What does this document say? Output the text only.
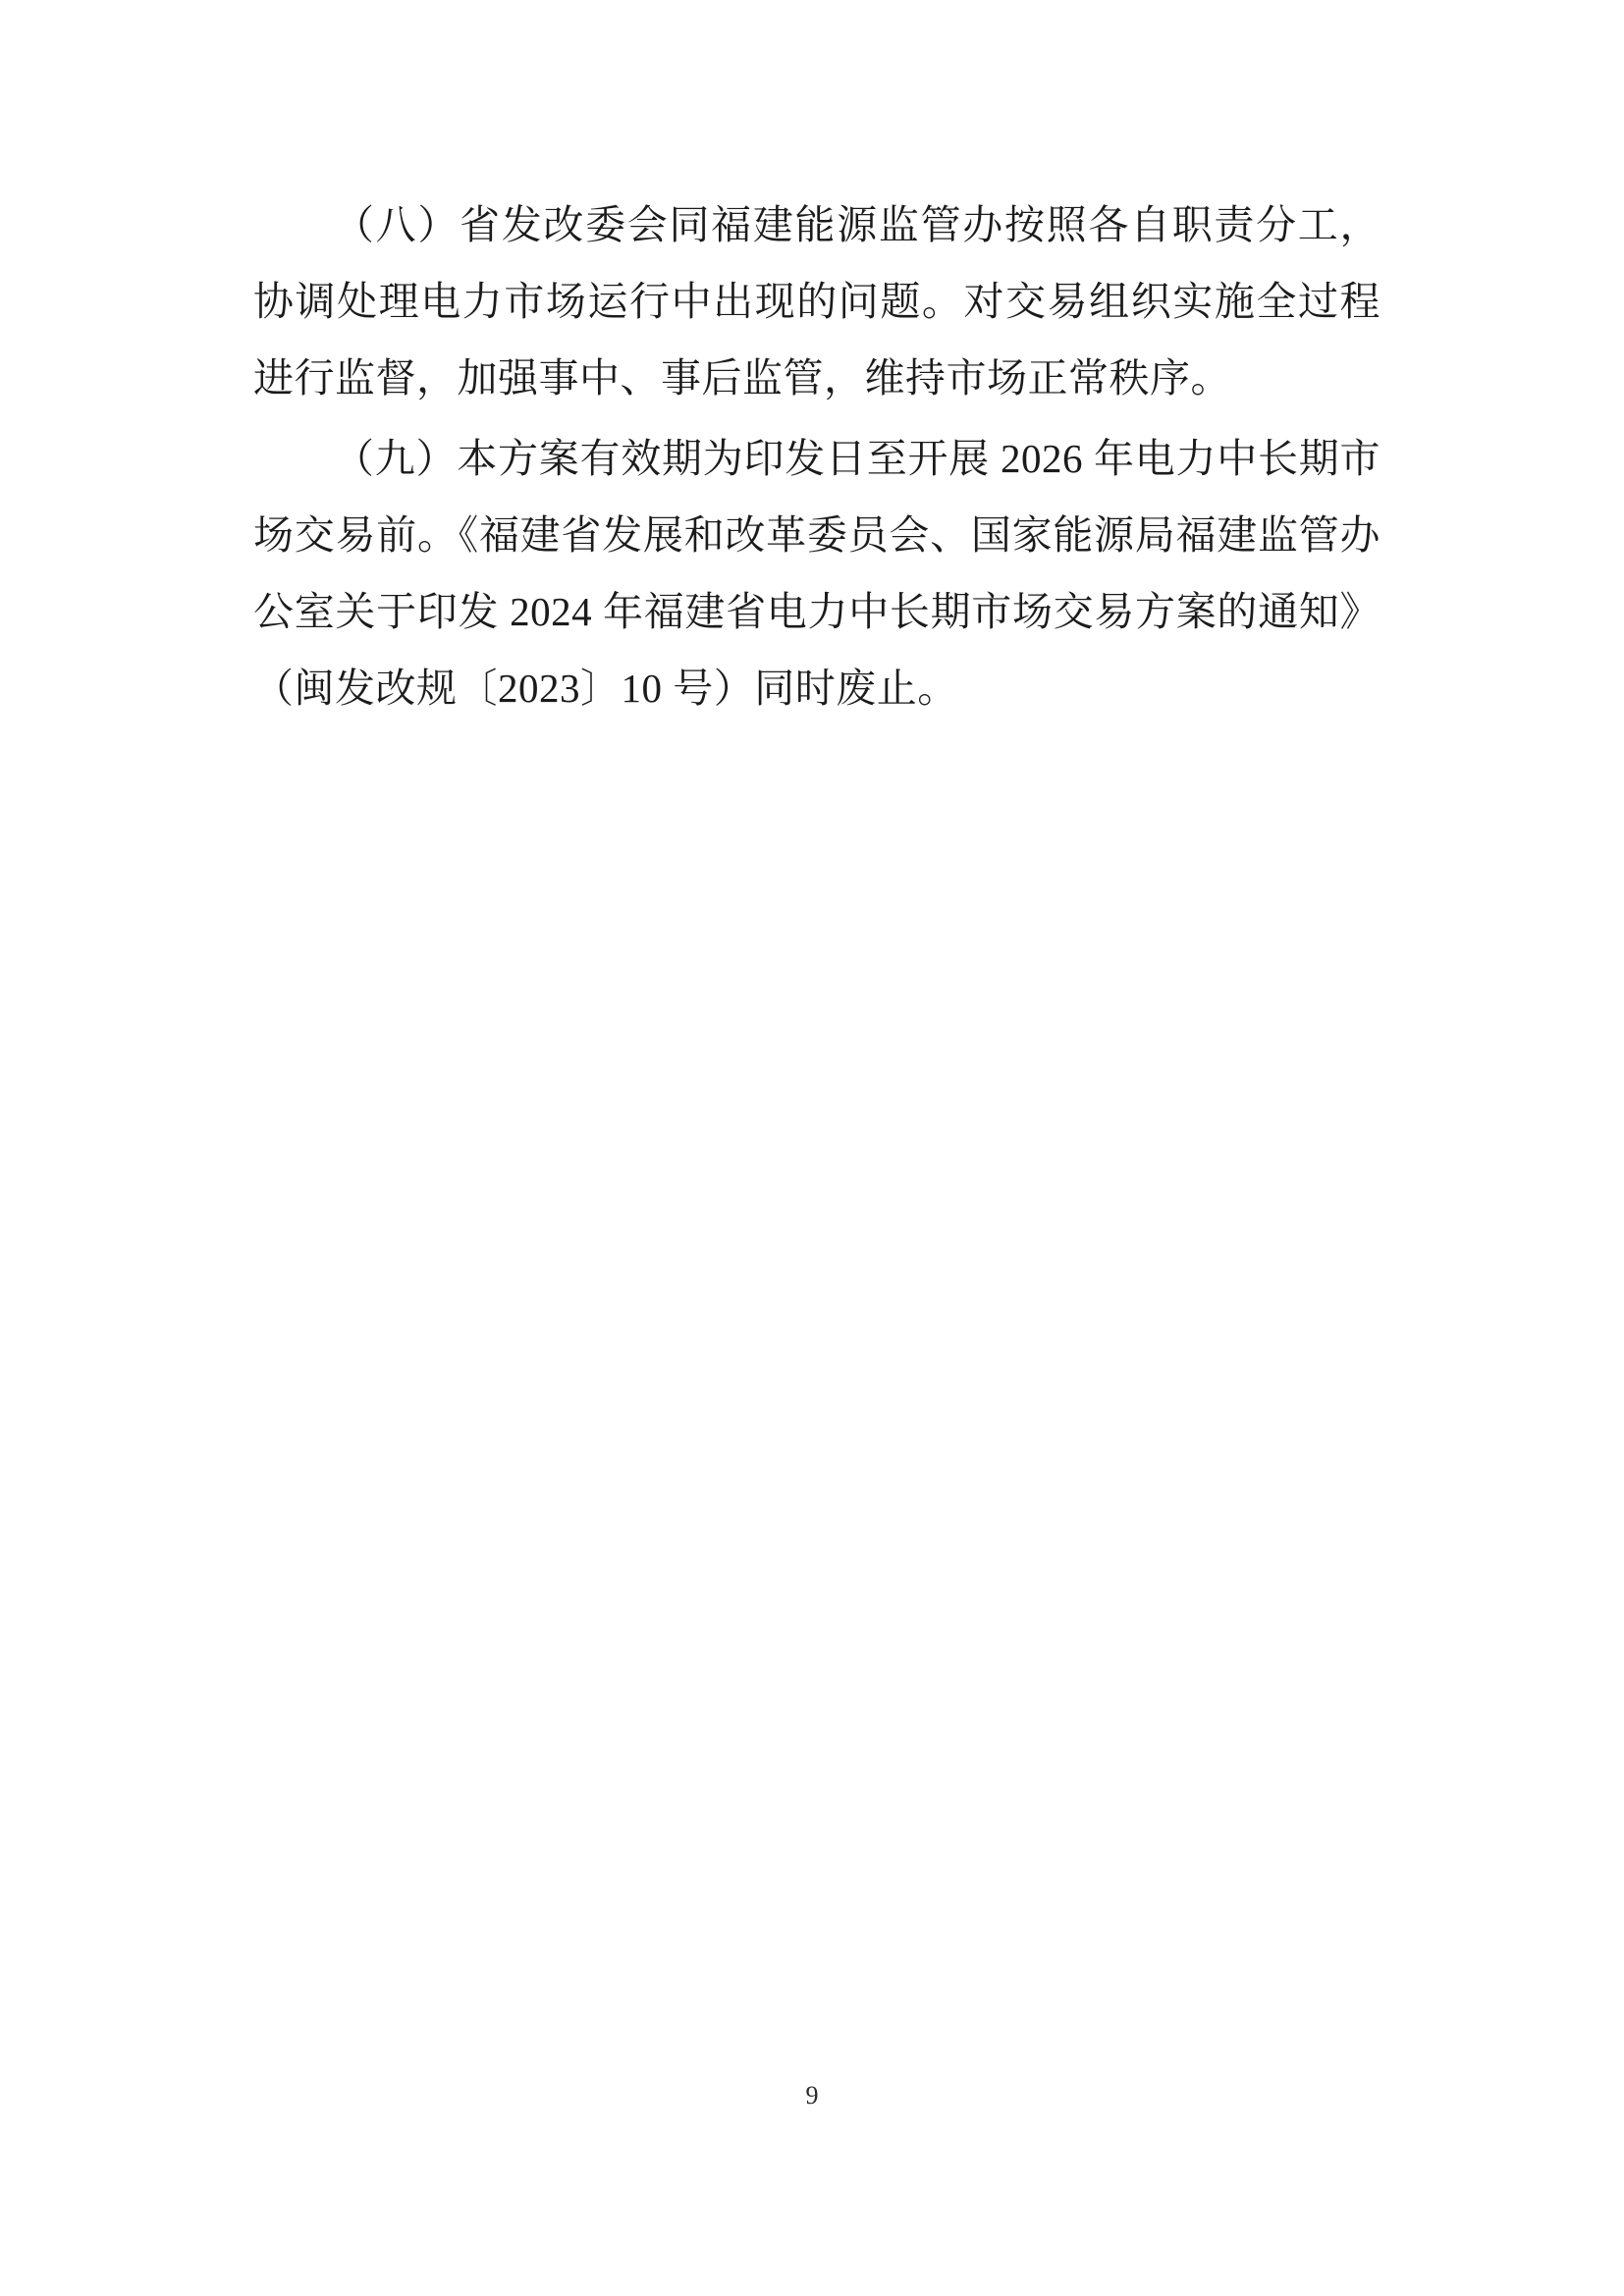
（八）省发改委会同福建能源监管办按照各自职责分工，协调处理电力市场运行中出现的问题。对交易组织实施全过程进行监督，加强事中、事后监管，维持市场正常秩序。

（九）本方案有效期为印发日至开展 2026 年电力中长期市场交易前。《福建省发展和改革委员会、国家能源局福建监管办公室关于印发 2024 年福建省电力中长期市场交易方案的通知》（闽发改规〔2023〕10 号）同时废止。

9
